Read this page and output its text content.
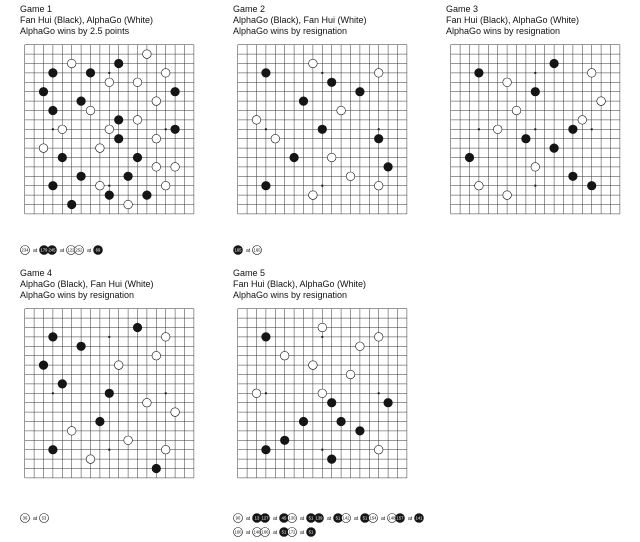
Game 1
Fan Hui (Black), AlphaGo (White)
AlphaGo wins by 2.5 points
234 at 179 245 at 122 252 at 69
Game 2
AlphaGo (Black), Fan Hui (White)
AlphaGo wins by resignation
165 at 160
Game 3
Fan Hui (Black), AlphaGo (White)
AlphaGo wins by resignation
Game 4
AlphaGo (Black), Fan Hui (White)
AlphaGo wins by resignation
36 at 53
Game 5
Fan Hui (Black), AlphaGo (White)
AlphaGo wins by resignation
90 at 13 127 at 45 130 at 51 139 at 51 142 at 51 154 at 148 157 at 141
160 at 148 166 at 51 172 at 51
